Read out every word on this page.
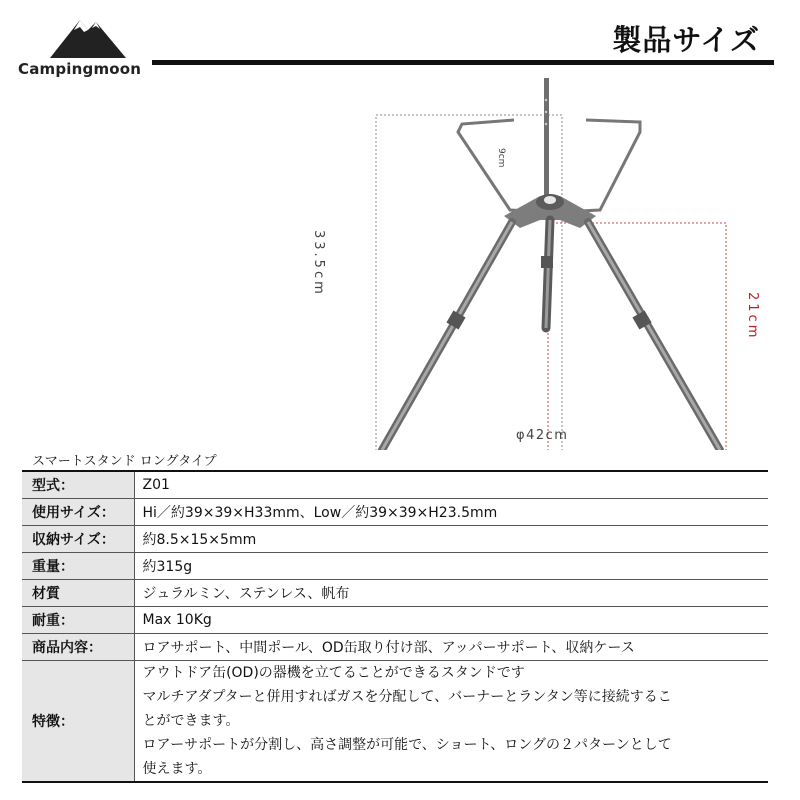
Campingmoon
製品サイズ
33.5cm
21cm
9cm
φ42cm
スマートスタンド ロングタイプ
型式：	Z01
使用サイズ：	Hi／約39×39×H33mm、Low／約39×39×H23.5mm
収納サイズ：	約8.5×15×5mm
重量：	約315g
材質	ジュラルミン、ステンレス、帆布
耐重：	Max 10Kg
商品内容：	ロアサポート、中間ポール、OD缶取り付け部、アッパーサポート、収納ケース
特徴：	アウトドア缶(OD)の器機を立てることができるスタンドです
マルチアダプターと併用すればガスを分配して、バーナーとランタン等に接続するこ
とができます。
ロアーサポートが分割し、高さ調整が可能で、ショート、ロングの２パターンとして
使えます。
